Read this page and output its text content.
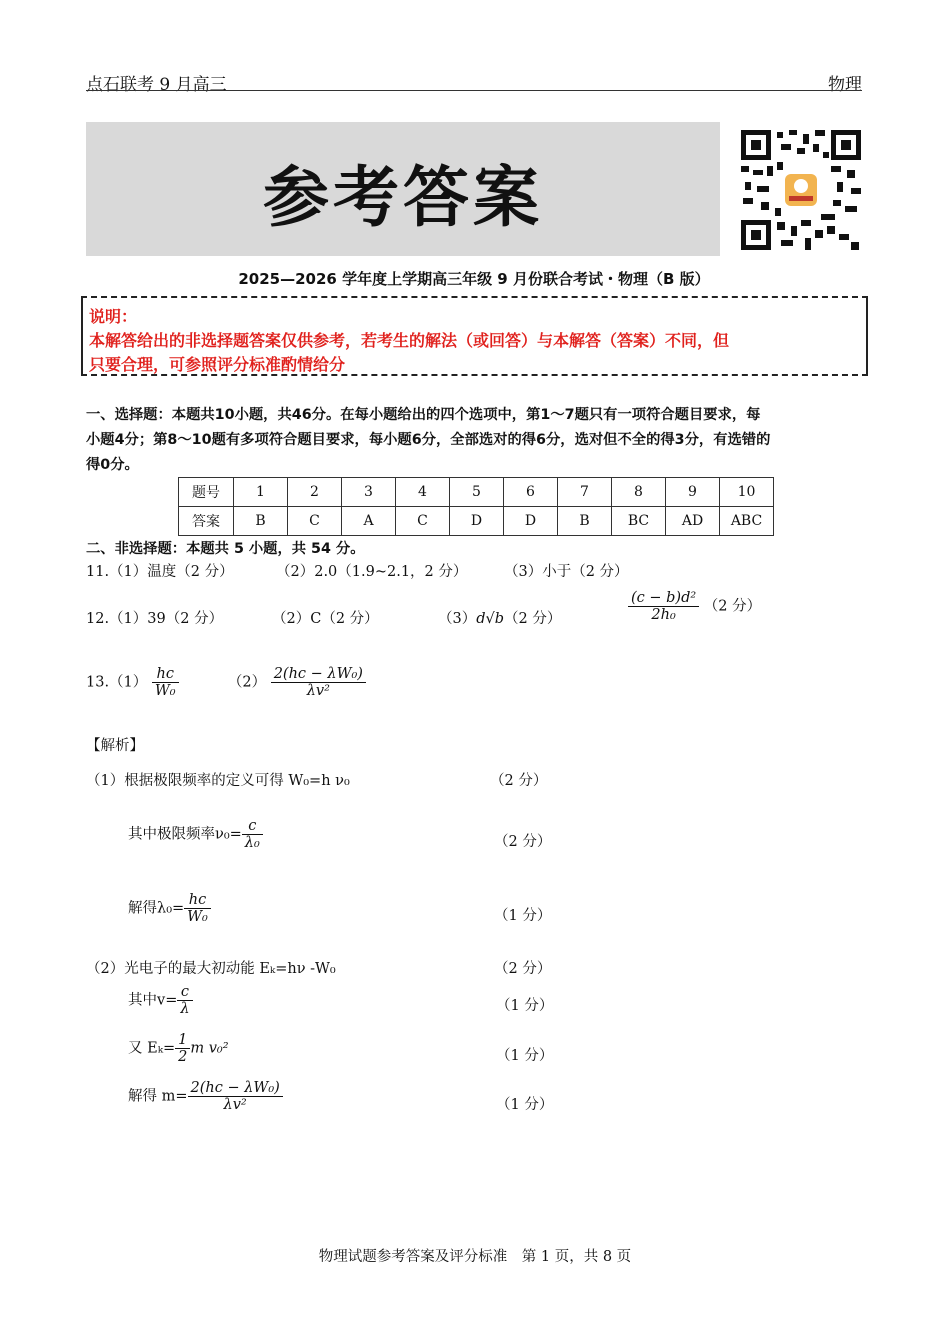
点石联考 9 月高三	物理
参考答案
2025—2026 学年度上学期高三年级 9 月份联合考试・物理（B 版）
说明：
本解答给出的非选择题答案仅供参考，若考生的解法（或回答）与本解答（答案）不同，但
只要合理，可参照评分标准酌情给分
一、选择题：本题共10小题，共46分。在每小题给出的四个选项中，第1～7题只有一项符合题目要求，每
小题4分；第8～10题有多项符合题目要求，每小题6分，全部选对的得6分，选对但不全的得3分，有选错的
得0分。
题号	1	2	3	4	5	6	7	8	9	10
答案	B	C	A	C	D	D	B	BC	AD	ABC
二、非选择题：本题共 5 小题，共 54 分。
11.（1）温度（2 分）	（2）2.0（1.9~2.1，2 分）	（3）小于（2 分）
12.（1）39（2 分）	（2）C（2 分）	（3）d√b（2 分）	$\frac{\text{(c − b)d²}}{\text{2h₀}} (2$ 分）
$13.(1) \frac{hc}{\text{W₀}}$	$(2) \frac{\text{2(hc − λW₀)}}{\text{λv²}}$
【解析】
（1）根据极限频率的定义可得 W₀=h ν₀	（2 分）
其中极限频率$\nu_0= \frac{c}{\text{λ₀}}$	（2 分）
解得$\lambda_0= \frac{hc}{\text{W₀}}$	（1 分）
（2）光电子的最大初动能 Eₖ=hν -W₀	（2 分）
其中$v= \frac{c}{\lambda}$	（1 分）
又 $E_k= \frac{1}{2}$ m v₀²	（1 分）
解得 $m= \frac{\text{2(hc − λW₀)}}{\text{λv²}}$	（1 分）
物理试题参考答案及评分标准　第 1 页，共 8 页
